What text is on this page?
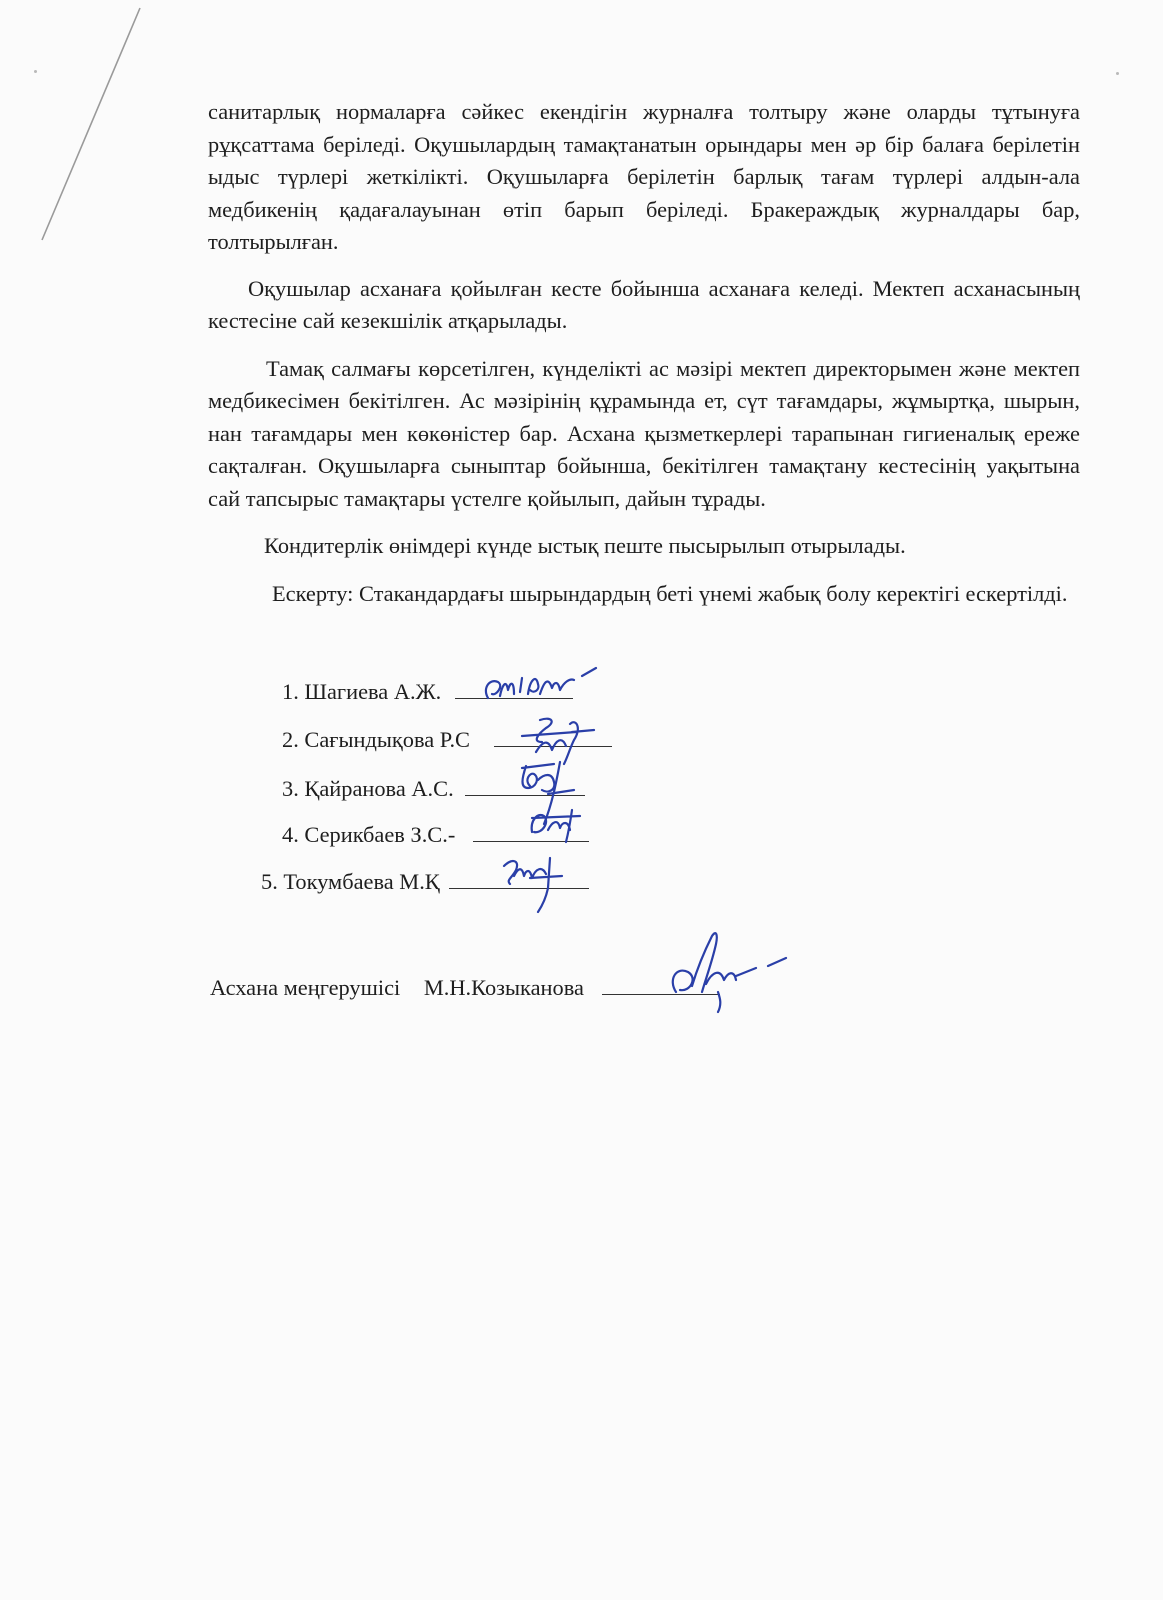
санитарлық нормаларға сәйкес екендігін журналға толтыру және оларды тұтынуға рұқсаттама беріледі. Оқушылардың тамақтанатын орындары мен әр бір балаға берілетін ыдыс түрлері жеткілікті. Оқушыларға берілетін барлық тағам түрлері алдын-ала медбикенің қадағалауынан өтіп барып беріледі. Бракераждық журналдары бар, толтырылған.

Оқушылар асханаға қойылған кесте бойынша асханаға келеді. Мектеп асханасының кестесіне сай кезекшілік атқарылады.

Тамақ салмағы көрсетілген, күнделікті ас мәзірі мектеп директорымен және мектеп медбикесімен бекітілген. Ас мәзірінің құрамында ет, сүт тағамдары, жұмыртқа, шырын, нан тағамдары мен көкөністер бар. Асхана қызметкерлері тарапынан гигиеналық ереже сақталған. Оқушыларға сыныптар бойынша, бекітілген тамақтану кестесінің уақытына сай тапсырыс тамақтары үстелге қойылып, дайын тұрады.

Кондитерлік өнімдері күнде ыстық пеште пысырылып отырылады.

Ескерту: Стакандардағы шырындардың беті үнемі жабық болу керектігі ескертілді.

1. Шагиева А.Ж.
2. Сағындықова Р.С
3. Қайранова А.С.
4. Серикбаев З.С.-
5. Токумбаева М.Қ
Асхана меңгерушісі М.Н.Козыканова
